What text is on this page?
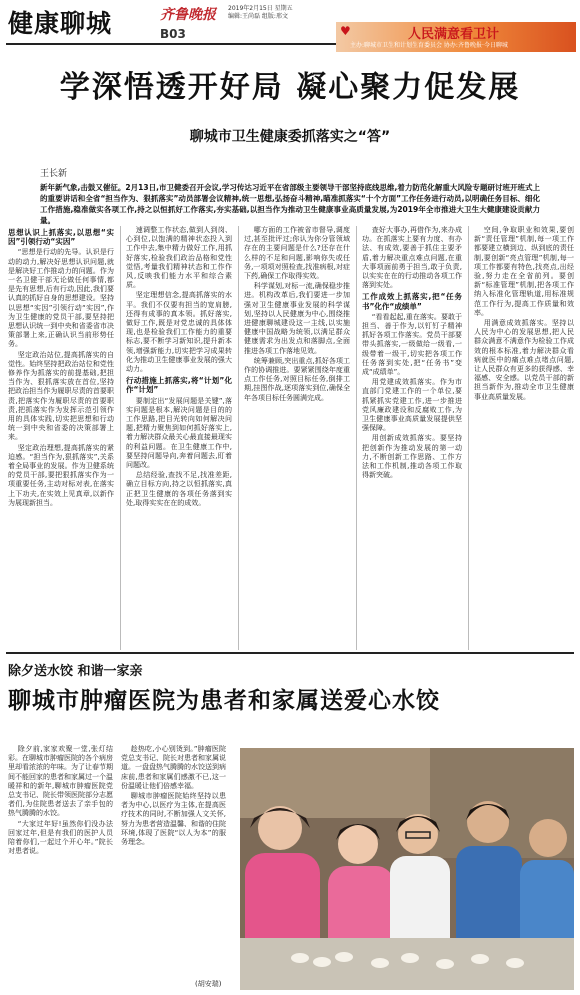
健康聊城	齐鲁晚报 2019年2月15日 星期五
编辑:王尚磊 组版:邢文
B03	♥	人民满意看卫计
主办:聊城市卫生和计划生育委员会 协办:齐鲁晚报·今日聊城
学深悟透开好局 凝心聚力促发展
聊城市卫生健康委抓落实之“答”
王长新
新年新气象,击鼓又催征。2月13日,市卫健委召开会议,学习传达习近平在省部级主要领导干部坚持底线思维,着力防范化解重大风险专题研讨班开班式上的重要讲话和全省“担当作为、狠抓落实”动员部署会议精神,统一思想,弘扬奋斗精神,瞄准抓落实“十个方面”工作任务进行动员,以明确任务目标、细化工作措施,稳准做实各项工作,持之以恒抓好工作落实,夯实基础,以担当作为推动卫生健康事业高质量发展,为2019年全市推进大卫生大健康建设贡献力量。
思想认识上抓落实,以思想“实因”引领行动“实因”

“思想是行动的先导。认识是行动的动力,解决好思想认识问题,就是解决好工作推动力的问题。作为一名卫健干部无论做任何事情,都是先有思想,后有行动,因此,我们要认真的抓好自身的思想建设。坚持以思想“实因”引领行动“实因”,作为卫生健康的党员干部,要坚持把思想认识统一到中央和省委省市决策部署上来,正确认识当前形势任务。

坚定政治站位,提高抓落实的自觉性。始终坚持把政治站位和党性修养作为抓落实的前提基础,把担当作为、狠抓落实放在首位,坚持把政治担当作为履职尽责的首要职责,把落实作为履职尽责的首要职责,把抓落实作为发挥示范引领作用的具体实践,切实把思想和行动统一到中央和省委的决策部署上来。

坚定政治理想,提高抓落实的紧迫感。“担当作为,狠抓落实”,关系着全局事业的发展。作为卫健系统的党员干部,要把狠抓落实作为一项重要任务,主动对标对表,在落实上下功夫,在实效上见真章,以新作为展现新担当。

速调整工作状态,做到人到岗、心到位,以饱满的精神状态投入到工作中去,集中精力做好工作,用抓好落实,检验我们政治品格和党性觉悟,考量我们精神状态和工作作风,反映我们能力水平和综合素质。

坚定理想信念,提高抓落实的水平。我们不仅要有担当的宽肩膀,还得有成事的真本领。抓好落实,做好工作,既是对党忠诚的具体体现,也是检验我们工作能力的重要标志,要不断学习新知识,提升新本领,增强新能力,切实把学习成果转化为推动卫生健康事业发展的强大动力。

行动措施上抓落实,将“计划”化作“计划”

要制定出“发展问题是关键”,落实问题是根本,解决问题是目的的工作思路,把目光转向如何解决问题,把精力聚焦到如何抓好落实上,着力解决群众最关心最直接最现实的利益问题。在卫生健康工作中,要坚持问题导向,奔着问题去,盯着问题改。

总结经验,查找不足,找准差距,确立目标方向,持之以恒抓落实,真正把卫生健康的各项任务落到实处,取得实实在在的成效。

哪方面的工作被省市督导,调度过,甚至批评过;你认为你分管领域存在的主要问题是什么?还存在什么样的不足和问题,影响你失或任务,一项项对照检查,找准病根,对症下药,确保工作取得实效。

科学谋划,对标一流,确保稳步推进。机构改革后,我们要进一步加强对卫生健康事业发展的科学谋划,坚持以人民健康为中心,围绕推进健康聊城建设这一主线,以实施健康中国战略为统领,以满足群众健康需求为出发点和落脚点,全面推进各项工作落地见效。

统筹兼顾,突出重点,抓好各项工作的协调推进。要紧紧围绕年度重点工作任务,对照目标任务,倒排工期,挂图作战,逐项落实到位,确保全年各项目标任务圆满完成。

查好大事办,再借作为,来办成功。在抓落实上要有力度、有办法、有成效,要善于抓住主要矛盾,着力解决重点难点问题,在重大事项面前勇于担当,敢于负责,以实实在在的行动推动各项工作落到实处。

工作成效上抓落实,把“任务书”化作“成绩单”

“看看起起,重在落实。要敢于担当、善于作为,以钉钉子精神抓好各项工作落实。党员干部要带头抓落实,一级做给一级看,一级带着一级干,切实把各项工作任务落到实处,把“任务书”变成“成绩单”。

用党建成效抓落实。作为市直部门党建工作的一个单位,要抓紧抓实党建工作,进一步推进党风廉政建设和反腐败工作,为卫生健康事业高质量发展提供坚强保障。

用创新成效抓落实。要坚持把创新作为推动发展的第一动力,不断创新工作思路、工作方法和工作机制,推动各项工作取得新突破。

空间,争取职业和效果,要创新“责任管理”机制,每一项工作都要建立横到边、纵到底的责任制,要创新“亮点管理”机制,每一项工作都要有特色,找亮点,出经验,努力走在全省前列。要创新“标准管理”机制,把各项工作纳入标准化管理轨道,用标准规范工作行为,提高工作质量和效率。

用满意成效抓落实。坚持以人民为中心的发展思想,把人民群众满意不满意作为检验工作成效的根本标准,着力解决群众看病就医中的痛点难点堵点问题,让人民群众有更多的获得感、幸福感、安全感。以党员干部的新担当新作为,推动全市卫生健康事业高质量发展。

除夕送水饺 和谐一家亲
聊城市肿瘤医院为患者和家属送爱心水饺

除夕前,家家欢聚一堂,张灯结彩。在聊城市肿瘤医院的各个病房里却看浓浓的年味。为了让春节期间不能回家的患者和家属过一个温暖祥和的新年,聊城市肿瘤医院党总支书记、院长带领医院部分志愿者们,为住院患者送去了亲手包的热气腾腾的水饺。

“大家过年好!虽然你们没办法回家过年,但是有我们的医护人员陪着你们,一起过个开心年。”院长对患者说。

趁热吃,小心别烫到。”肿瘤医院党总支书记、院长对患者和家属说道。一盘盘热气腾腾的水饺送到病床前,患者和家属们感激不已,这一份温暖让他们倍感幸福。

聊城市肿瘤医院始终坚持以患者为中心,以医疗为主体,在提高医疗技术的同时,不断加强人文关怀,努力为患者营造温馨、和谐的住院环境,体现了医院“以人为本”的服务理念。

(胡安瑞)
